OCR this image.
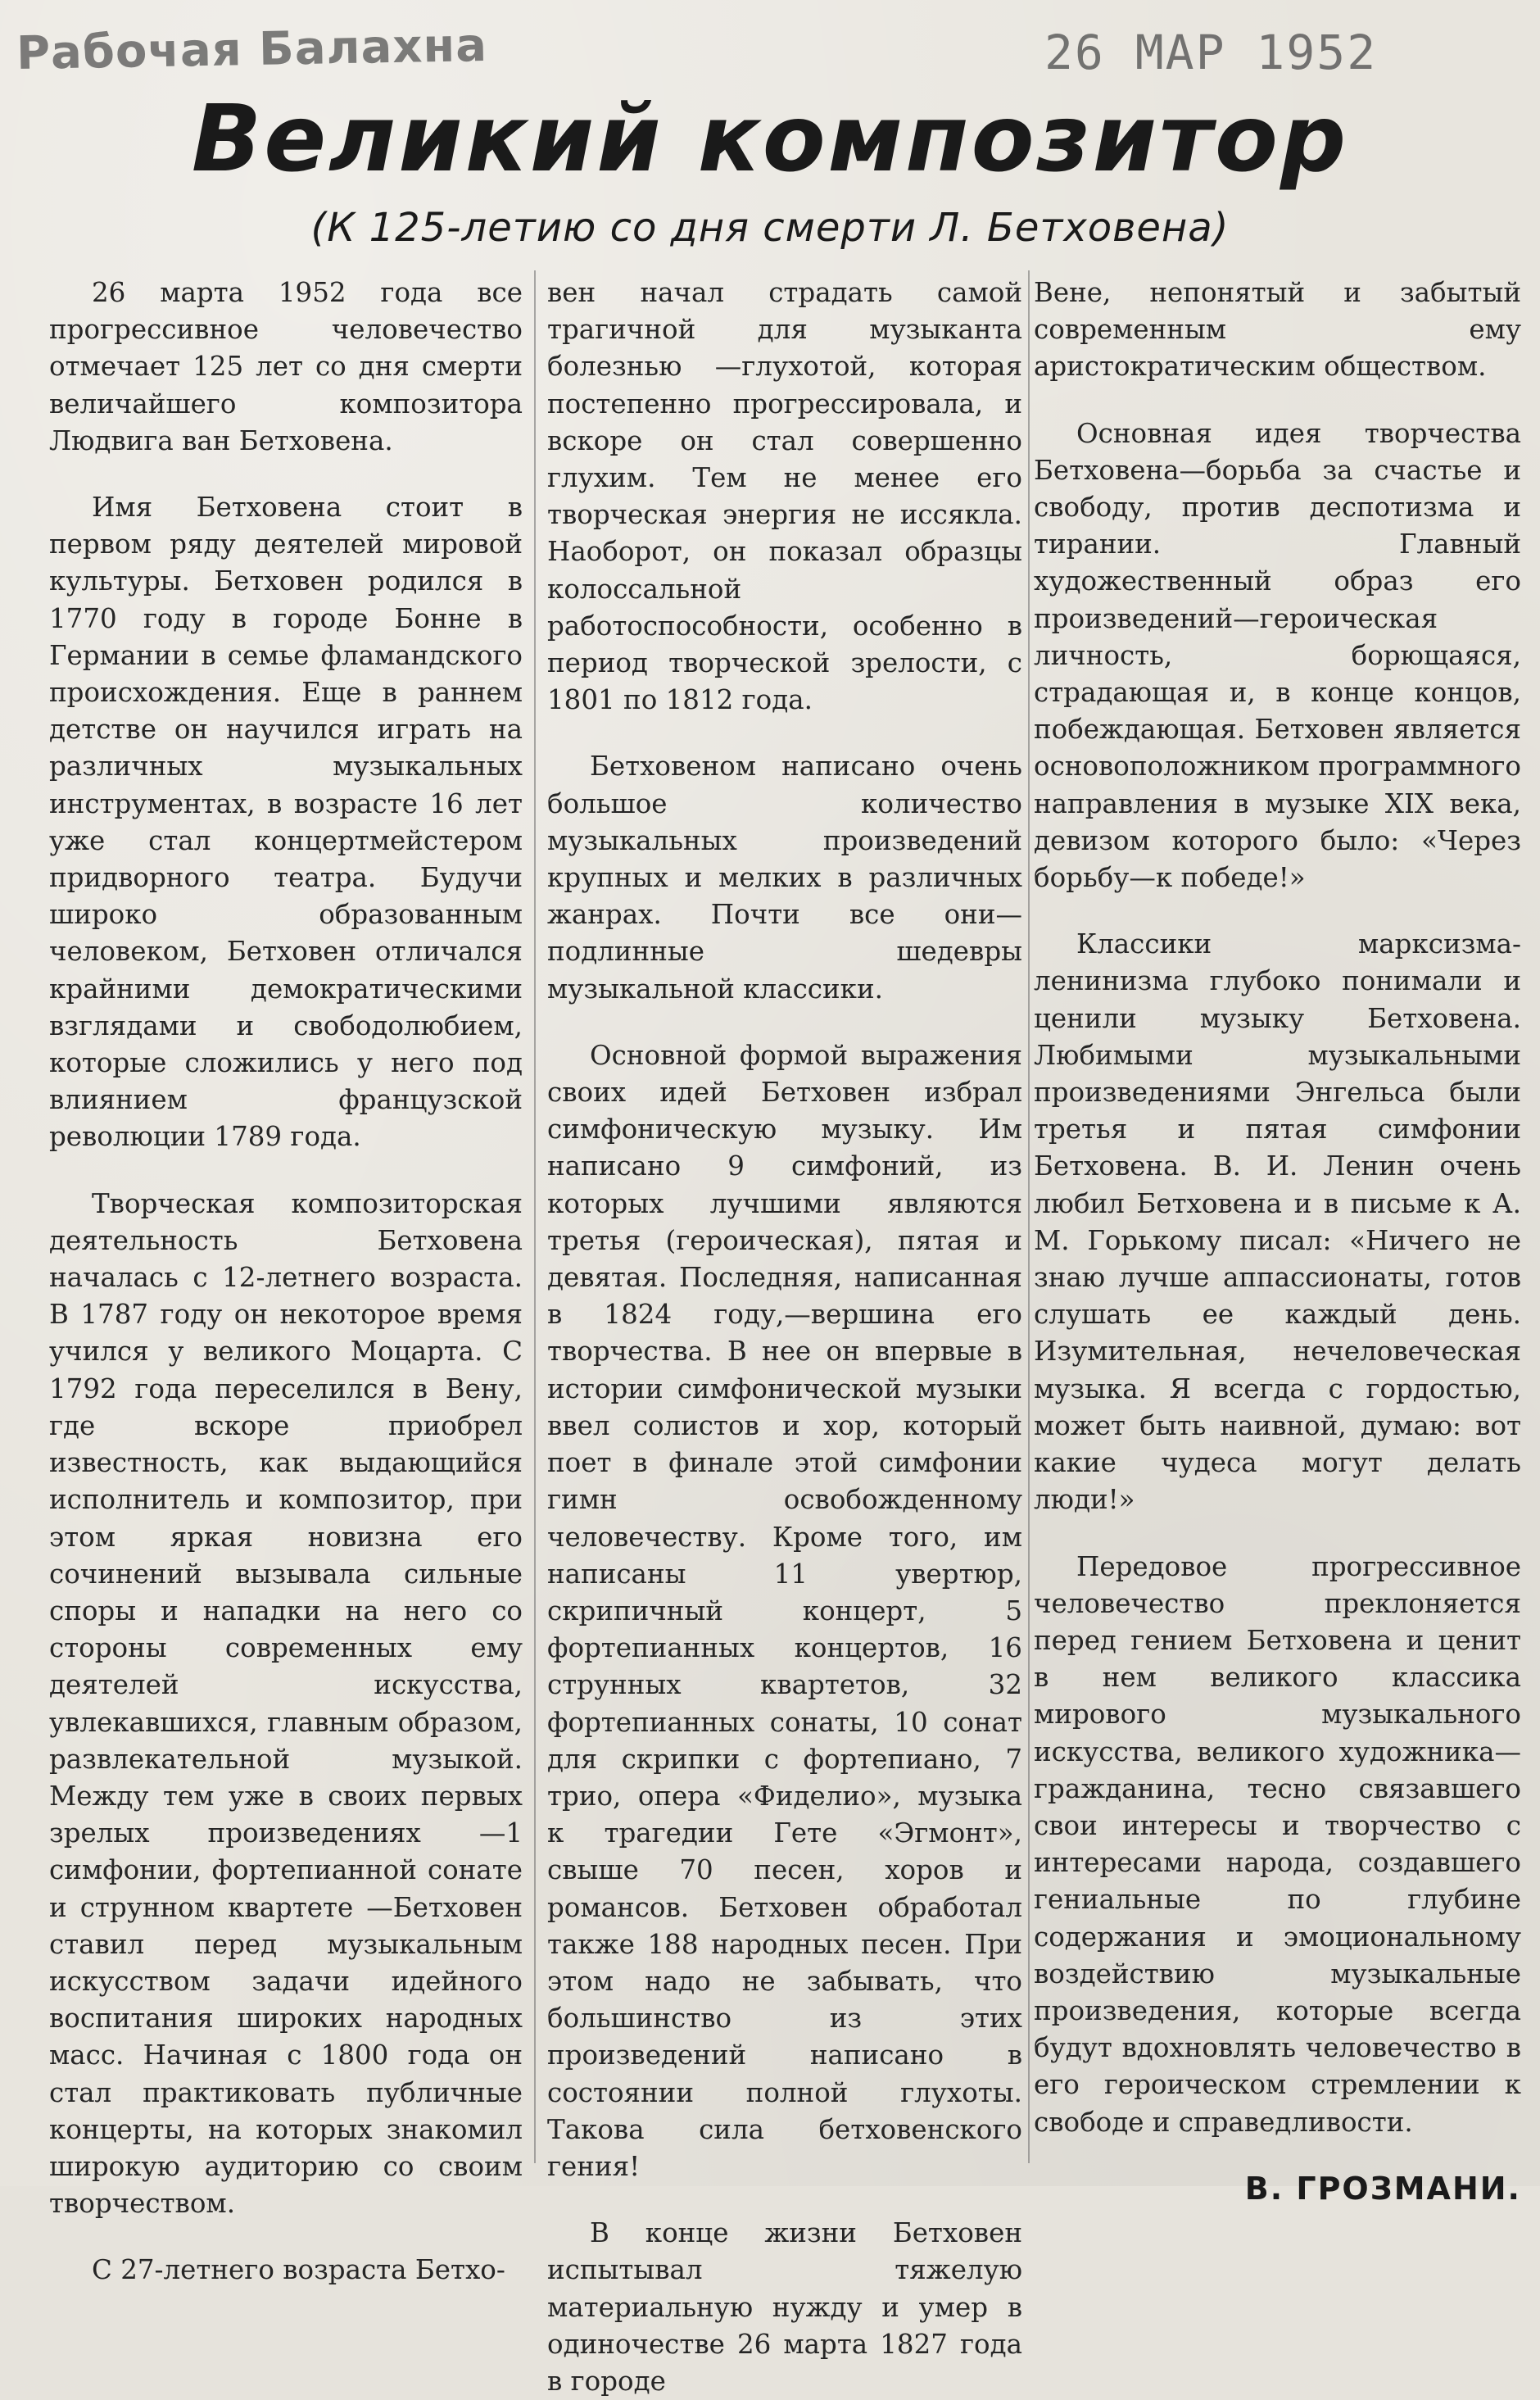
Рабочая Балахна	26 МАР 1952
Великий композитор
(К 125-летию со дня смерти Л. Бетховена)

26 марта 1952 года все прогрессивное человечество отмечает 125 лет со дня смерти величайшего композитора Людвига ван Бетховена.

Имя Бетховена стоит в первом ряду деятелей мировой культуры. Бетховен родился в 1770 году в городе Бонне в Германии в семье фламандского происхождения. Еще в раннем детстве он научился играть на различных музыкальных инструментах, в возрасте 16 лет уже стал концертмейстером придворного театра. Будучи широко образованным человеком, Бетховен отличался крайними демократическими взглядами и свободолюбием, которые сложились у него под влиянием французской революции 1789 года.

Творческая композиторская деятельность Бетховена началась с 12-летнего возраста. В 1787 году он некоторое время учился у великого Моцарта. С 1792 года переселился в Вену, где вскоре приобрел известность, как выдающийся исполнитель и композитор, при этом яркая новизна его сочинений вызывала сильные споры и нападки на него со стороны современных ему деятелей искусства, увлекавшихся, главным образом, развлекательной музыкой. Между тем уже в своих первых зрелых произведениях —1 симфонии, фортепианной сонате и струнном квартете —Бетховен ставил перед музыкальным искусством задачи идейного воспитания широких народных масс. Начиная с 1800 года он стал практиковать публичные концерты, на которых знакомил широкую аудиторию со своим творчеством.

С 27-летнего возраста Бетхо-

вен начал страдать самой трагичной для музыканта болезнью —глухотой, которая постепенно прогрессировала, и вскоре он стал совершенно глухим. Тем не менее его творческая энергия не иссякла. Наоборот, он показал образцы колоссальной работоспособности, особенно в период творческой зрелости, с 1801 по 1812 года.

Бетховеном написано очень большое количество музыкальных произведений крупных и мелких в различных жанрах. Почти все они—подлинные шедевры музыкальной классики.

Основной формой выражения своих идей Бетховен избрал симфоническую музыку. Им написано 9 симфоний, из которых лучшими являются третья (героическая), пятая и девятая. Последняя, написанная в 1824 году,—вершина его творчества. В нее он впервые в истории симфонической музыки ввел солистов и хор, который поет в финале этой симфонии гимн освобожденному человечеству. Кроме того, им написаны 11 увертюр, скрипичный концерт, 5 фортепианных концертов, 16 струнных квартетов, 32 фортепианных сонаты, 10 сонат для скрипки с фортепиано, 7 трио, опера «Фиделио», музыка к трагедии Гете «Эгмонт», свыше 70 песен, хоров и романсов. Бетховен обработал также 188 народных песен. При этом надо не забывать, что большинство из этих произведений написано в состоянии полной глухоты. Такова сила бетховенского гения!

В конце жизни Бетховен испытывал тяжелую материальную нужду и умер в одиночестве 26 марта 1827 года в городе

Вене, непонятый и забытый современным ему аристократическим обществом.

Основная идея творчества Бетховена—борьба за счастье и свободу, против деспотизма и тирании. Главный художественный образ его произведений—героическая личность, борющаяся, страдающая и, в конце концов, побеждающая. Бетховен является основоположником программного направления в музыке XIX века, девизом которого было: «Через борьбу—к победе!»

Классики марксизма-ленинизма глубоко понимали и ценили музыку Бетховена. Любимыми музыкальными произведениями Энгельса были третья и пятая симфонии Бетховена. В. И. Ленин очень любил Бетховена и в письме к А. М. Горькому писал: «Ничего не знаю лучше аппассионаты, готов слушать ее каждый день. Изумительная, нечеловеческая музыка. Я всегда с гордостью, может быть наивной, думаю: вот какие чудеса могут делать люди!»

Передовое прогрессивное человечество преклоняется перед гением Бетховена и ценит в нем великого классика мирового музыкального искусства, великого художника—гражданина, тесно связавшего свои интересы и творчество с интересами народа, создавшего гениальные по глубине содержания и эмоциональному воздействию музыкальные произведения, которые всегда будут вдохновлять человечество в его героическом стремлении к свободе и справедливости.

В. ГРОЗМАНИ.
